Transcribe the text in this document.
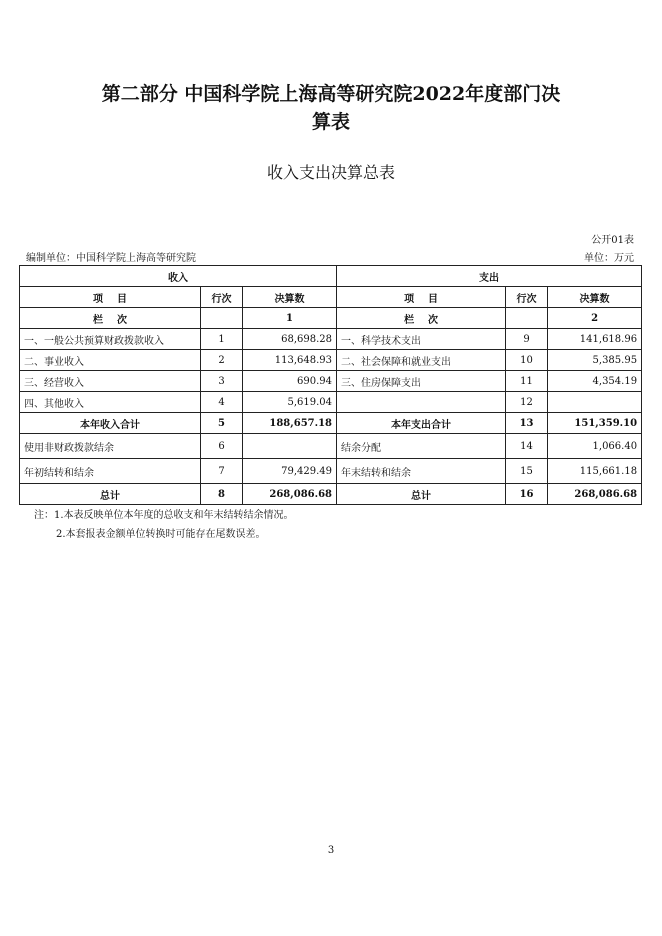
第二部分 中国科学院上海高等研究院2022年度部门决
算表
收入支出决算总表
公开01表
编制单位：中国科学院上海高等研究院	单位：万元
收入			支出		
项    目	行次	决算数	项    目	行次	决算数
栏    次		1	栏    次		2
一、一般公共预算财政拨款收入	1	68,698.28	一、科学技术支出	9	141,618.96
二、事业收入	2	113,648.93	二、社会保障和就业支出	10	5,385.95
三、经营收入	3	690.94	三、住房保障支出	11	4,354.19
四、其他收入	4	5,619.04		12	
本年收入合计	5	188,657.18	本年支出合计	13	151,359.10
使用非财政拨款结余	6		结余分配	14	1,066.40
年初结转和结余	7	79,429.49	年末结转和结余	15	115,661.18
总计	8	268,086.68	总计	16	268,086.68
注：1.本表反映单位本年度的总收支和年末结转结余情况。
2.本套报表金额单位转换时可能存在尾数误差。
3
